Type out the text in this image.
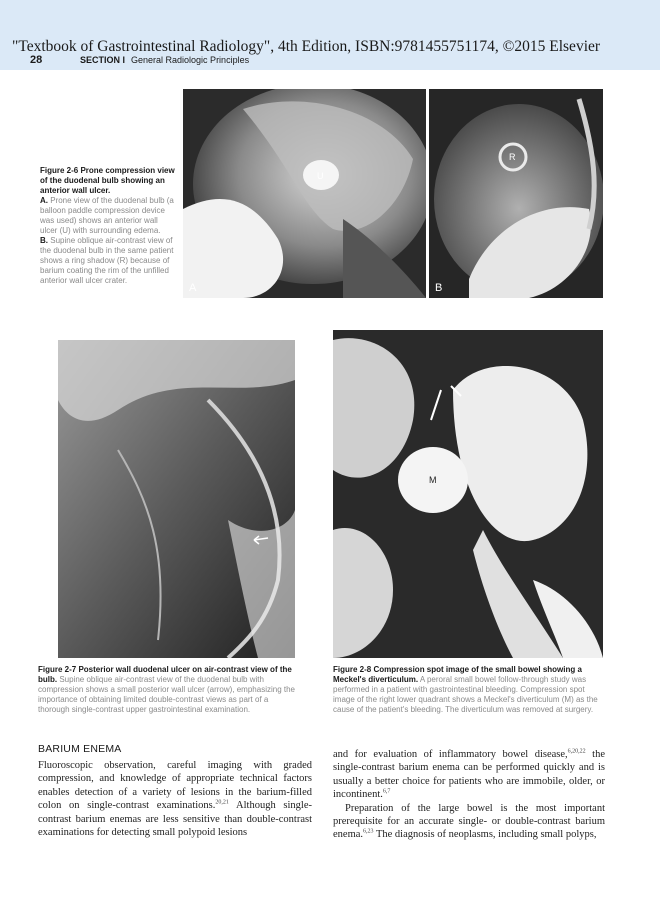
"Textbook of Gastrointestinal Radiology", 4th Edition, ISBN:9781455751174, ©2015 Elsevier
28	SECTION I General Radiologic Principles
U
A
R
B
Figure 2-6 Prone compression view of the duodenal bulb showing an anterior wall ulcer.
A. Prone view of the duodenal bulb (a balloon paddle compression device was used) shows an anterior wall ulcer (U) with surrounding edema.
B. Supine oblique air-contrast view of the duodenal bulb in the same patient shows a ring shadow (R) because of barium coating the rim of the unfilled anterior wall ulcer crater.
M
Figure 2-7 Posterior wall duodenal ulcer on air-contrast view of the bulb. Supine oblique air-contrast view of the duodenal bulb with compression shows a small posterior wall ulcer (arrow), emphasizing the importance of obtaining limited double-contrast views as part of a thorough single-contrast upper gastrointestinal examination.
Figure 2-8 Compression spot image of the small bowel showing a Meckel's diverticulum. A peroral small bowel follow-through study was performed in a patient with gastrointestinal bleeding. Compression spot image of the right lower quadrant shows a Meckel's diverticulum (M) as the cause of the patient's bleeding. The diverticulum was removed at surgery.
BARIUM ENEMA

Fluoroscopic observation, careful imaging with graded compression, and knowledge of appropriate technical factors enables detection of a variety of lesions in the barium-filled colon on single-contrast examinations.$^{20,21}$ Although single-contrast barium enemas are less sensitive than double-contrast examinations for detecting small polypoid lesions

and for evaluation of inflammatory bowel disease,$^{6,20,22}$ the single-contrast barium enema can be performed quickly and is usually a better choice for patients who are immobile, older, or incontinent.$^{6,7}$

Preparation of the large bowel is the most important prerequisite for an accurate single- or double-contrast barium enema.$^{6,23}$ The diagnosis of neoplasms, including small polyps,
